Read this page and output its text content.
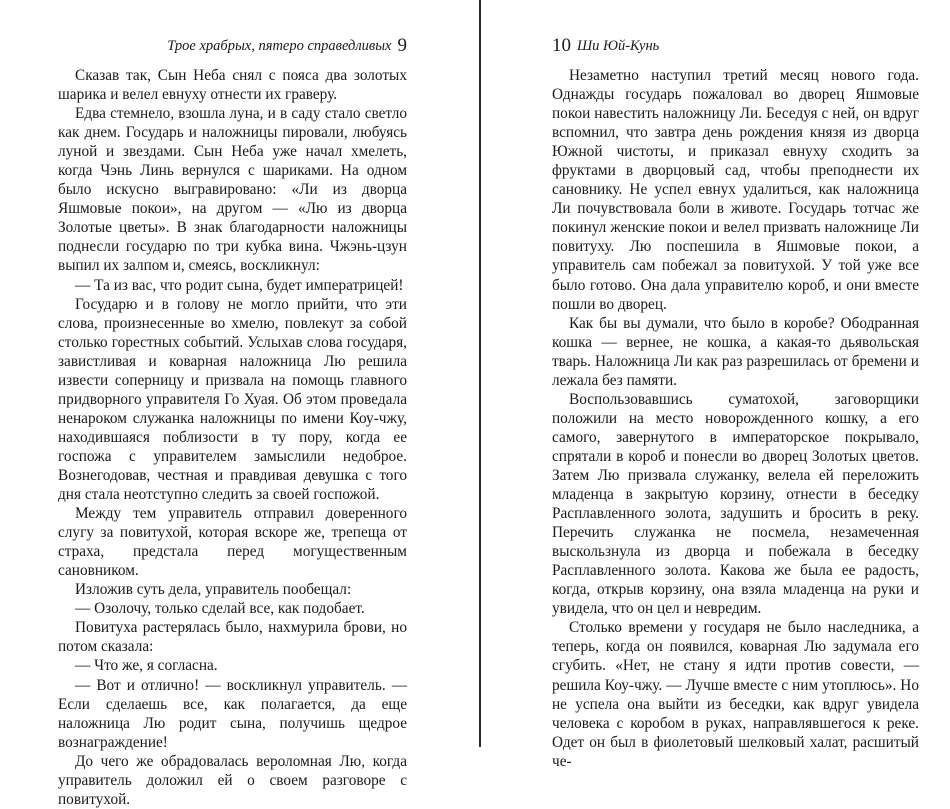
Трое храбрых, пятеро справедливых 9

Сказав так, Сын Неба снял с пояса два золотых шарика и велел евнуху отнести их граверу.

Едва стемнело, взошла луна, и в саду стало светло как днем. Государь и наложницы пировали, любуясь луной и звездами. Сын Неба уже начал хмелеть, когда Чэнь Линь вернулся с шариками. На одном было искусно выгравировано: «Ли из дворца Яшмовые покои», на другом — «Лю из дворца Золотые цветы». В знак благодарности наложницы поднесли государю по три кубка вина. Чжэнь-цзун выпил их залпом и, смеясь, воскликнул:

— Та из вас, что родит сына, будет императрицей!

Государю и в голову не могло прийти, что эти слова, произнесенные во хмелю, повлекут за собой столько горестных событий. Услыхав слова государя, завистливая и коварная наложница Лю решила извести соперницу и призвала на помощь главного придворного управителя Го Хуая. Об этом проведала ненароком служанка наложницы по имени Коу-чжу, находившаяся поблизости в ту пору, когда ее госпожа с управителем замыслили недоброе. Вознегодовав, честная и правдивая девушка с того дня стала неотступно следить за своей госпожой.

Между тем управитель отправил доверенного слугу за повитухой, которая вскоре же, трепеща от страха, предстала перед могущественным сановником.

Изложив суть дела, управитель пообещал:

— Озолочу, только сделай все, как подобает.

Повитуха растерялась было, нахмурила брови, но потом сказала:

— Что же, я согласна.

— Вот и отлично! — воскликнул управитель. — Если сделаешь все, как полагается, да еще наложница Лю родит сына, получишь щедрое вознаграждение!

До чего же обрадовалась вероломная Лю, когда управитель доложил ей о своем разговоре с повитухой.

10 Ши Юй-Кунь

Незаметно наступил третий месяц нового года. Однажды государь пожаловал во дворец Яшмовые покои навестить наложницу Ли. Беседуя с ней, он вдруг вспомнил, что завтра день рождения князя из дворца Южной чистоты, и приказал евнуху сходить за фруктами в дворцовый сад, чтобы преподнести их сановнику. Не успел евнух удалиться, как наложница Ли почувствовала боли в животе. Государь тотчас же покинул женские покои и велел призвать наложнице Ли повитуху. Лю поспешила в Яшмовые покои, а управитель сам побежал за повитухой. У той уже все было готово. Она дала управителю короб, и они вместе пошли во дворец.

Как бы вы думали, что было в коробе? Ободранная кошка — вернее, не кошка, а какая-то дьявольская тварь. Наложница Ли как раз разрешилась от бремени и лежала без памяти.

Воспользовавшись суматохой, заговорщики положили на место новорожденного кошку, а его самого, завернутого в императорское покрывало, спрятали в короб и понесли во дворец Золотых цветов. Затем Лю призвала служанку, велела ей переложить младенца в закрытую корзину, отнести в беседку Расплавленного золота, задушить и бросить в реку. Перечить служанка не посмела, незамеченная выскользнула из дворца и побежала в беседку Расплавленного золота. Какова же была ее радость, когда, открыв корзину, она взяла младенца на руки и увидела, что он цел и невредим.

Столько времени у государя не было наследника, а теперь, когда он появился, коварная Лю задумала его сгубить. «Нет, не стану я идти против совести, — решила Коу-чжу. — Лучше вместе с ним утоплюсь». Но не успела она выйти из беседки, как вдруг увидела человека с коробом в руках, направлявшегося к реке. Одет он был в фиолетовый шелковый халат, расшитый че-
